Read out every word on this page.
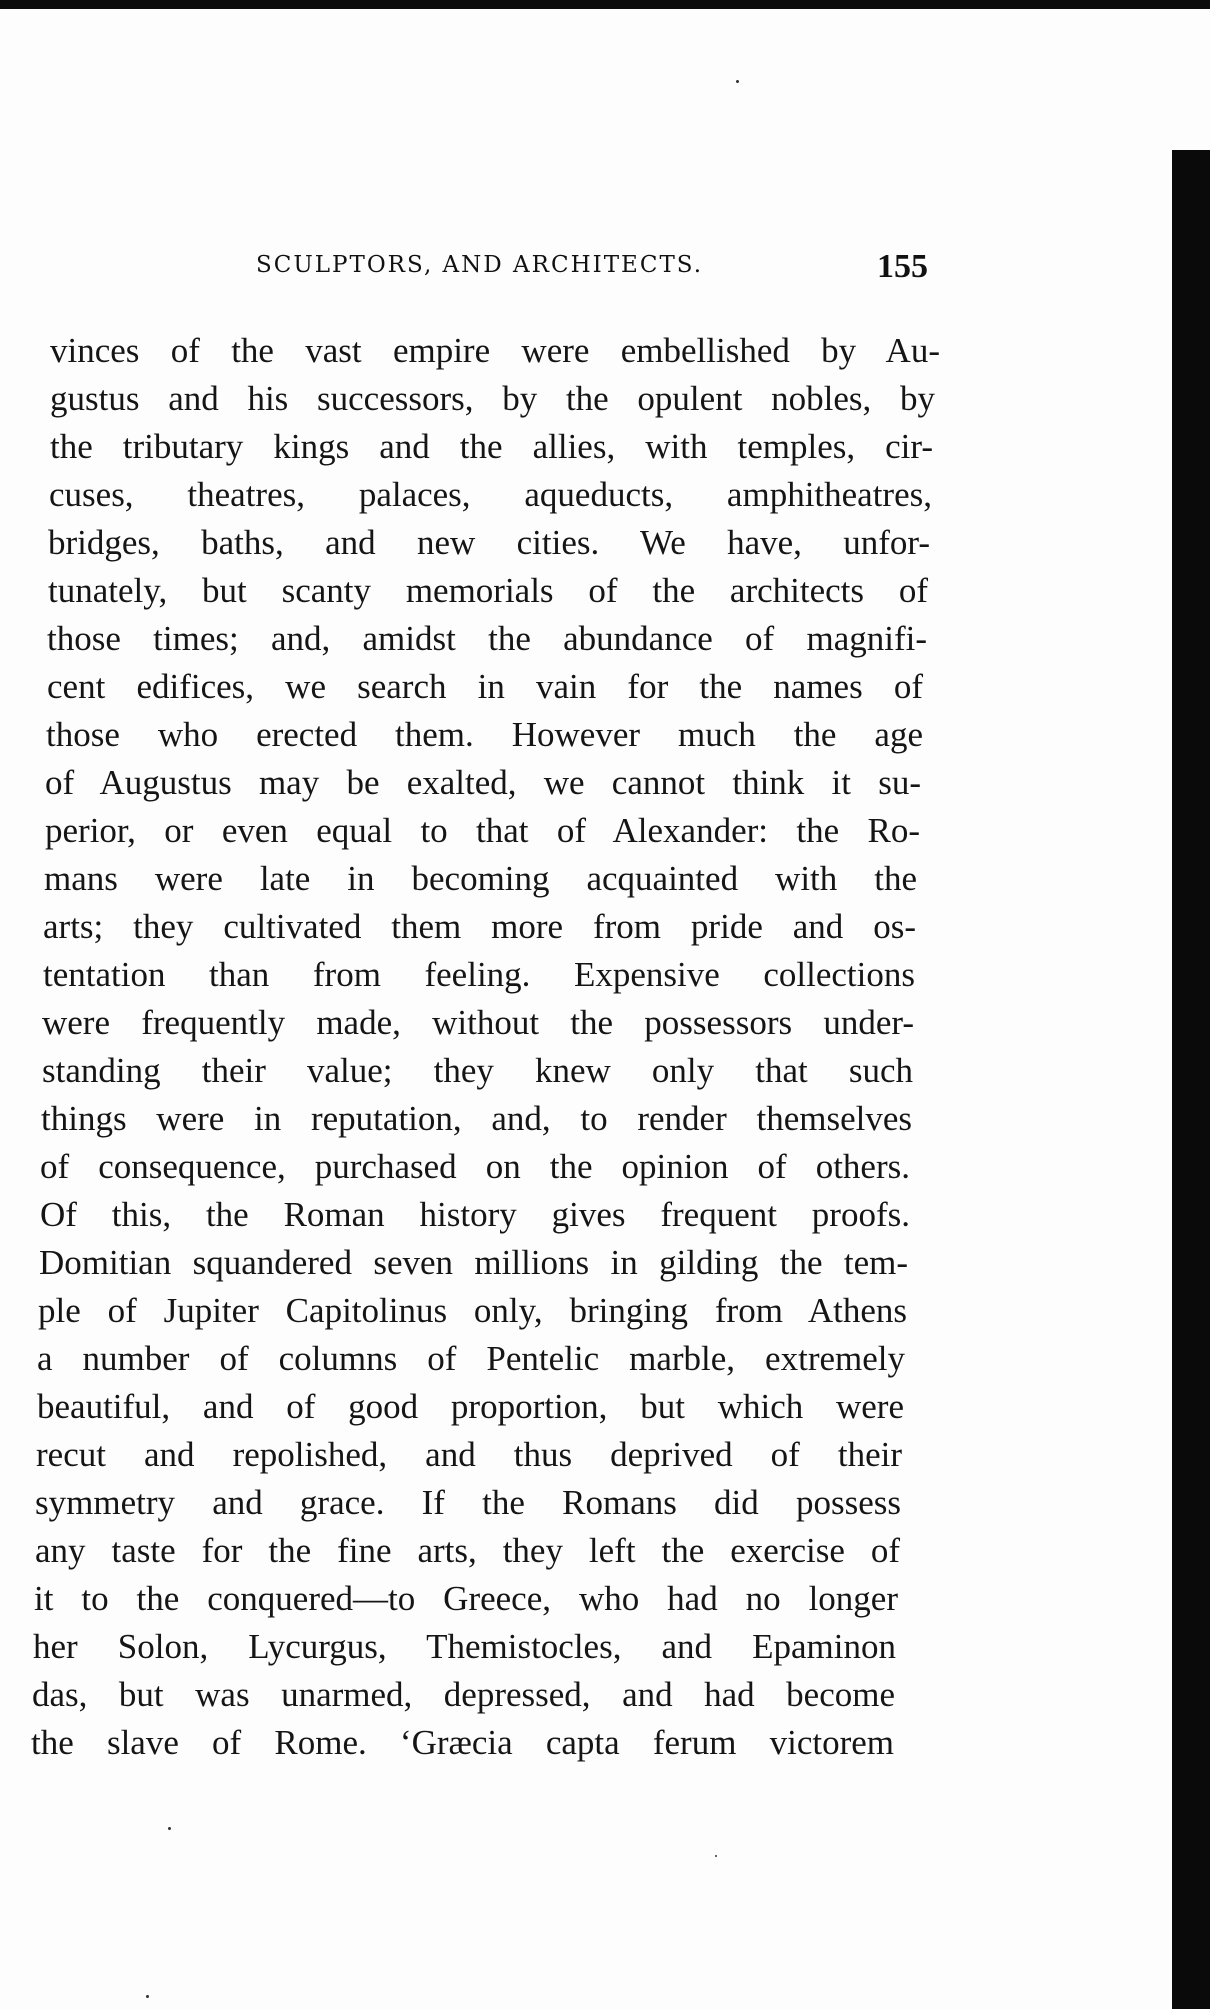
SCULPTORS, AND ARCHITECTS.	155
vinces of the vast empire were embellished by Au-
gustus and his successors, by the opulent nobles, by
the tributary kings and the allies, with temples, cir-
cuses, theatres, palaces, aqueducts, amphitheatres,
bridges, baths, and new cities. We have, unfor-
tunately, but scanty memorials of the architects of
those times; and, amidst the abundance of magnifi-
cent edifices, we search in vain for the names of
those who erected them. However much the age
of Augustus may be exalted, we cannot think it su-
perior, or even equal to that of Alexander: the Ro-
mans were late in becoming acquainted with the
arts; they cultivated them more from pride and os-
tentation than from feeling. Expensive collections
were frequently made, without the possessors under-
standing their value; they knew only that such
things were in reputation, and, to render themselves
of consequence, purchased on the opinion of others.
Of this, the Roman history gives frequent proofs.
Domitian squandered seven millions in gilding the tem-
ple of Jupiter Capitolinus only, bringing from Athens
a number of columns of Pentelic marble, extremely
beautiful, and of good proportion, but which were
recut and repolished, and thus deprived of their
symmetry and grace. If the Romans did possess
any taste for the fine arts, they left the exercise of
it to the conquered—to Greece, who had no longer
her Solon, Lycurgus, Themistocles, and Epaminon
das, but was unarmed, depressed, and had become
the slave of Rome. ‘Græcia capta ferum victorem
